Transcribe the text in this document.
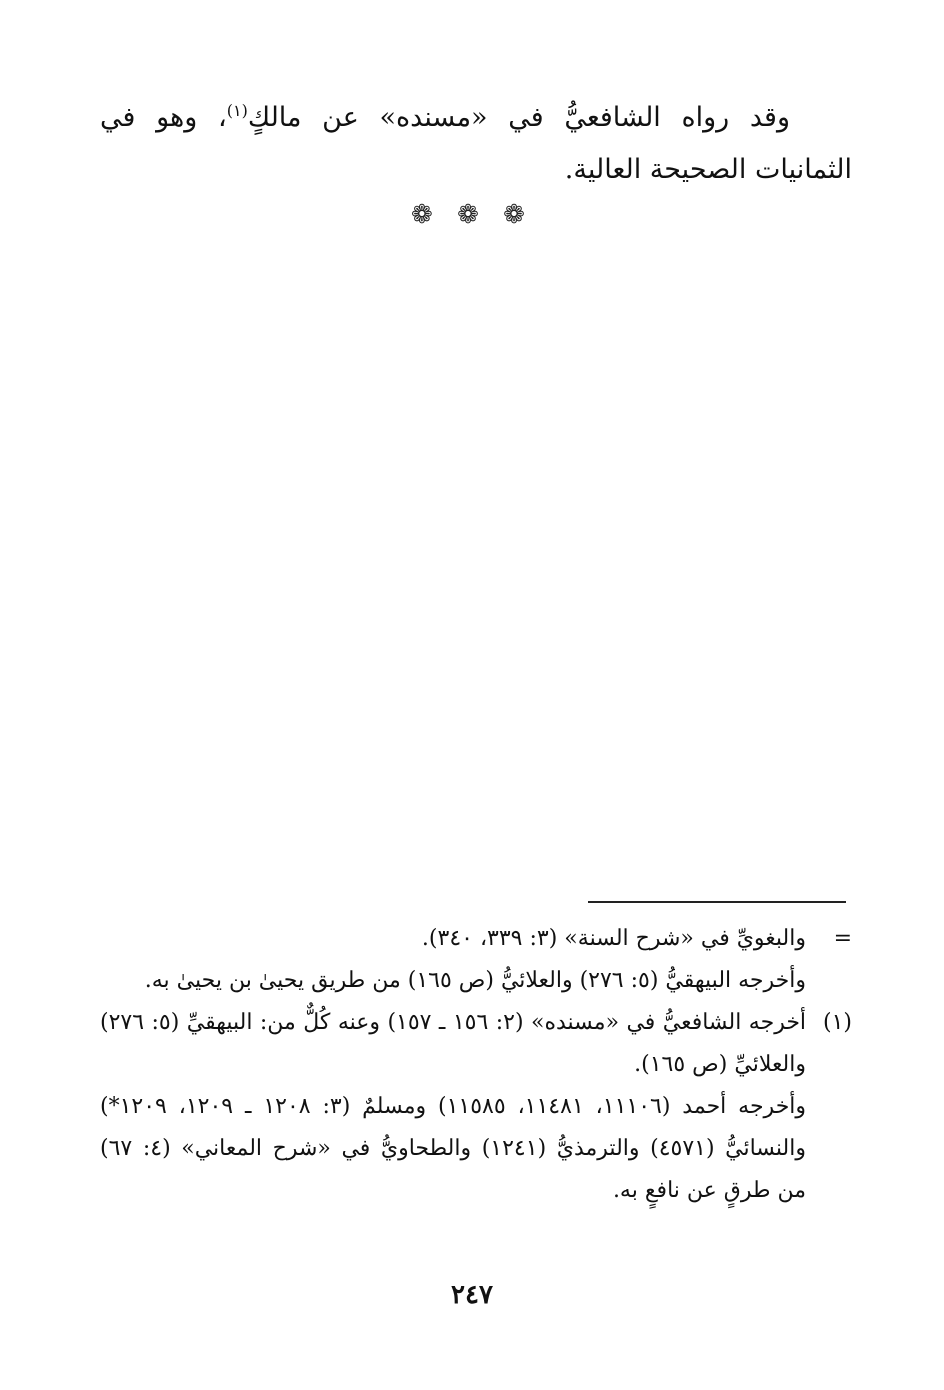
وقد رواه الشافعيُّ في «مسنده» عن مالكٍ$^{(١)}$، وهو في الثمانيات الصحيحة العالية.

❁ ❁ ❁
=

والبغويِّ في «شرح السنة» (٣: ٣٣٩، ٣٤٠).

وأخرجه البيهقيُّ (٥: ٢٧٦) والعلائيُّ (ص ١٦٥) من طريق يحيىٰ بن يحيىٰ به.

(١)

أخرجه الشافعيُّ في «مسنده» (٢: ١٥٦ ـ ١٥٧) وعنه كُلٌّ من: البيهقيِّ (٥: ٢٧٦) والعلائيِّ (ص ١٦٥).

وأخرجه أحمد (١١١٠٦، ١١٤٨١، ١١٥٨٥) ومسلمٌ (٣: ١٢٠٨ ـ ١٢٠٩، ١٢٠٩*) والنسائيُّ (٤٥٧١) والترمذيُّ (١٢٤١) والطحاويُّ في «شرح المعاني» (٤: ٦٧) من طرقٍ عن نافعٍ به.

٢٤٧
